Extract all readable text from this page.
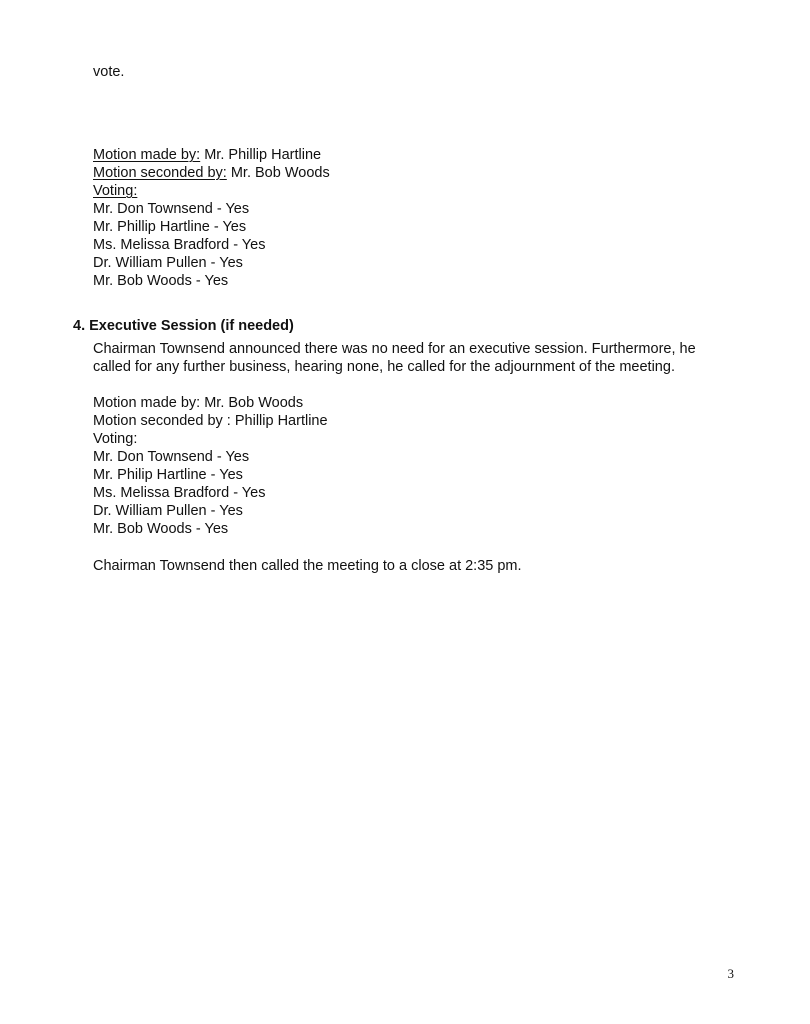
vote.
Motion made by: Mr. Phillip Hartline
Motion seconded by: Mr. Bob Woods
Voting:
Mr. Don Townsend - Yes
Mr. Phillip Hartline - Yes
Ms. Melissa Bradford - Yes
Dr. William Pullen - Yes
Mr. Bob Woods - Yes
4. Executive Session (if needed)
Chairman Townsend announced there was no need for an executive session. Furthermore, he
called for any further business, hearing none, he called for the adjournment of the meeting.
Motion made by: Mr. Bob Woods
Motion seconded by : Phillip Hartline
Voting:
Mr. Don Townsend - Yes
Mr. Philip Hartline - Yes
Ms. Melissa Bradford - Yes
Dr. William Pullen - Yes
Mr. Bob Woods - Yes
Chairman Townsend then called the meeting to a close at 2:35 pm.
3
